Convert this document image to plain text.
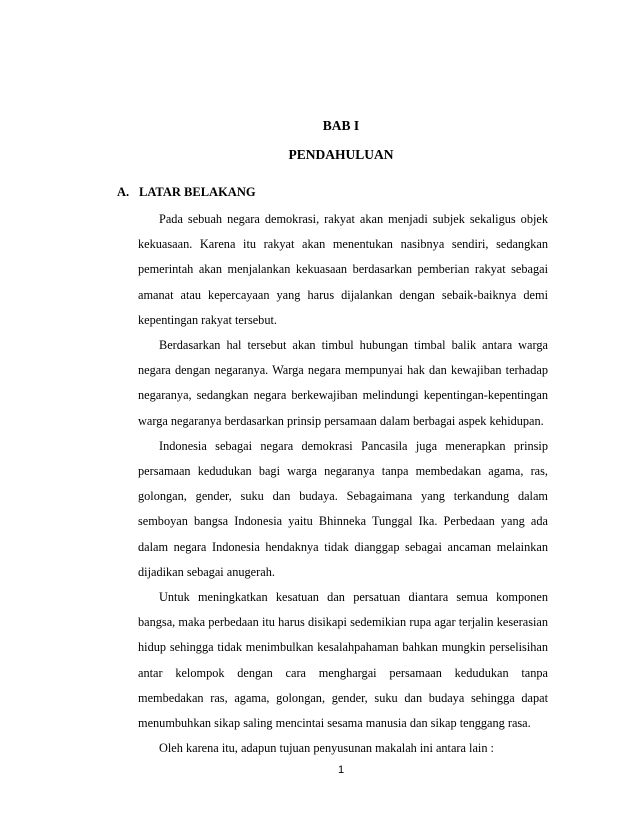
BAB I
PENDAHULUAN
A. LATAR BELAKANG

Pada sebuah negara demokrasi, rakyat akan menjadi subjek sekaligus objek kekuasaan. Karena itu rakyat akan menentukan nasibnya sendiri, sedangkan pemerintah akan menjalankan kekuasaan berdasarkan pemberian rakyat sebagai amanat atau kepercayaan yang harus dijalankan dengan sebaik-baiknya demi kepentingan rakyat tersebut.

Berdasarkan hal tersebut akan timbul hubungan timbal balik antara warga negara dengan negaranya. Warga negara mempunyai hak dan kewajiban terhadap negaranya, sedangkan negara berkewajiban melindungi kepentingan-kepentingan warga negaranya berdasarkan prinsip persamaan dalam berbagai aspek kehidupan.

Indonesia sebagai negara demokrasi Pancasila juga menerapkan prinsip persamaan kedudukan bagi warga negaranya tanpa membedakan agama, ras, golongan, gender, suku dan budaya. Sebagaimana yang terkandung dalam semboyan bangsa Indonesia yaitu Bhinneka Tunggal Ika. Perbedaan yang ada dalam negara Indonesia hendaknya tidak dianggap sebagai ancaman melainkan dijadikan sebagai anugerah.

Untuk meningkatkan kesatuan dan persatuan diantara semua komponen bangsa, maka perbedaan itu harus disikapi sedemikian rupa agar terjalin keserasian hidup sehingga tidak menimbulkan kesalahpahaman bahkan mungkin perselisihan antar kelompok dengan cara menghargai persamaan kedudukan tanpa membedakan ras, agama, golongan, gender, suku dan budaya sehingga dapat menumbuhkan sikap saling mencintai sesama manusia dan sikap tenggang rasa.

Oleh karena itu, adapun tujuan penyusunan makalah ini antara lain :

1
